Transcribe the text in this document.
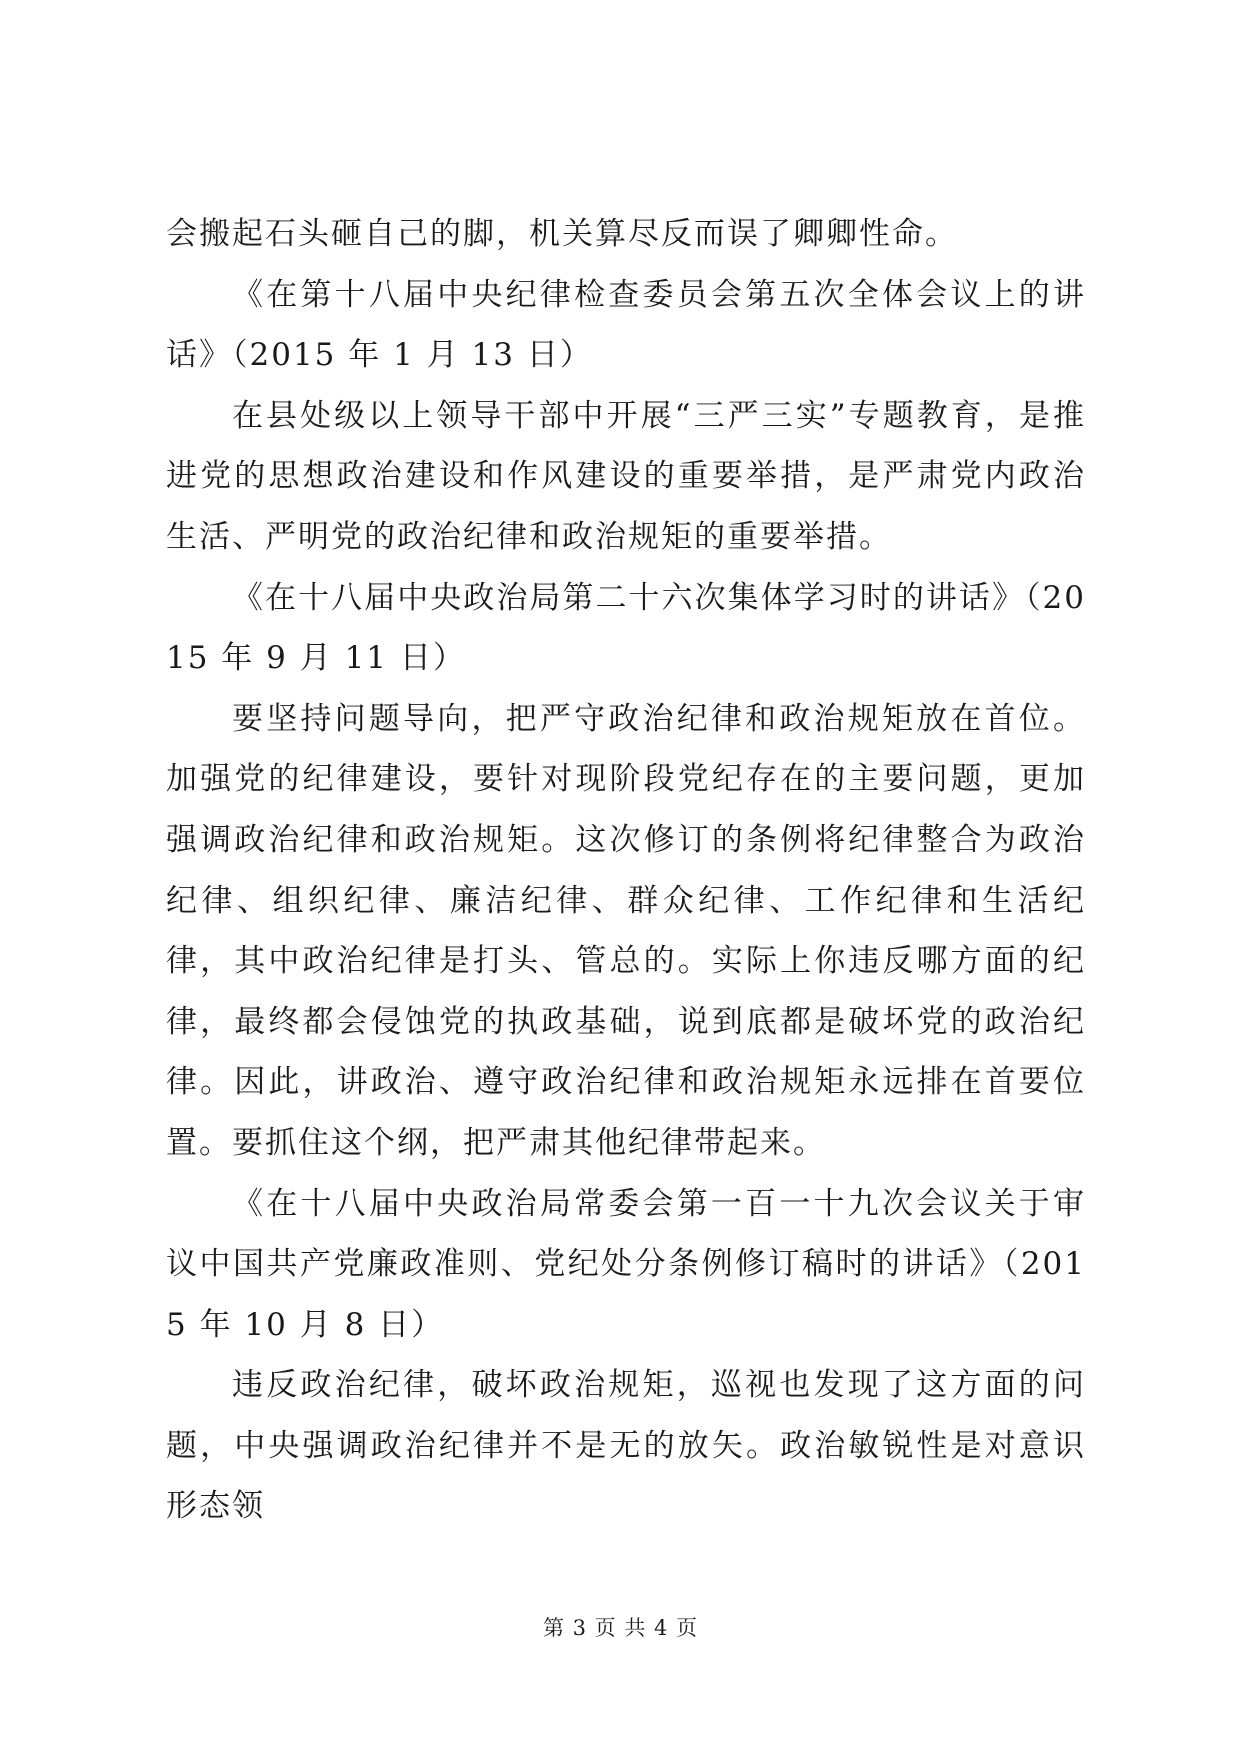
会搬起石头砸自己的脚，机关算尽反而误了卿卿性命。

《在第十八届中央纪律检查委员会第五次全体会议上的讲话》（2015 年 1 月 13 日）

在县处级以上领导干部中开展“三严三实”专题教育，是推进党的思想政治建设和作风建设的重要举措，是严肃党内政治生活、严明党的政治纪律和政治规矩的重要举措。

《在十八届中央政治局第二十六次集体学习时的讲话》（2015 年 9 月 11 日）

要坚持问题导向，把严守政治纪律和政治规矩放在首位。加强党的纪律建设，要针对现阶段党纪存在的主要问题，更加强调政治纪律和政治规矩。这次修订的条例将纪律整合为政治纪律、组织纪律、廉洁纪律、群众纪律、工作纪律和生活纪律，其中政治纪律是打头、管总的。实际上你违反哪方面的纪律，最终都会侵蚀党的执政基础，说到底都是破坏党的政治纪律。因此，讲政治、遵守政治纪律和政治规矩永远排在首要位置。要抓住这个纲，把严肃其他纪律带起来。

《在十八届中央政治局常委会第一百一十九次会议关于审议中国共产党廉政准则、党纪处分条例修订稿时的讲话》（2015 年 10 月 8 日）

违反政治纪律，破坏政治规矩，巡视也发现了这方面的问题，中央强调政治纪律并不是无的放矢。政治敏锐性是对意识形态领

第 3 页 共 4 页
